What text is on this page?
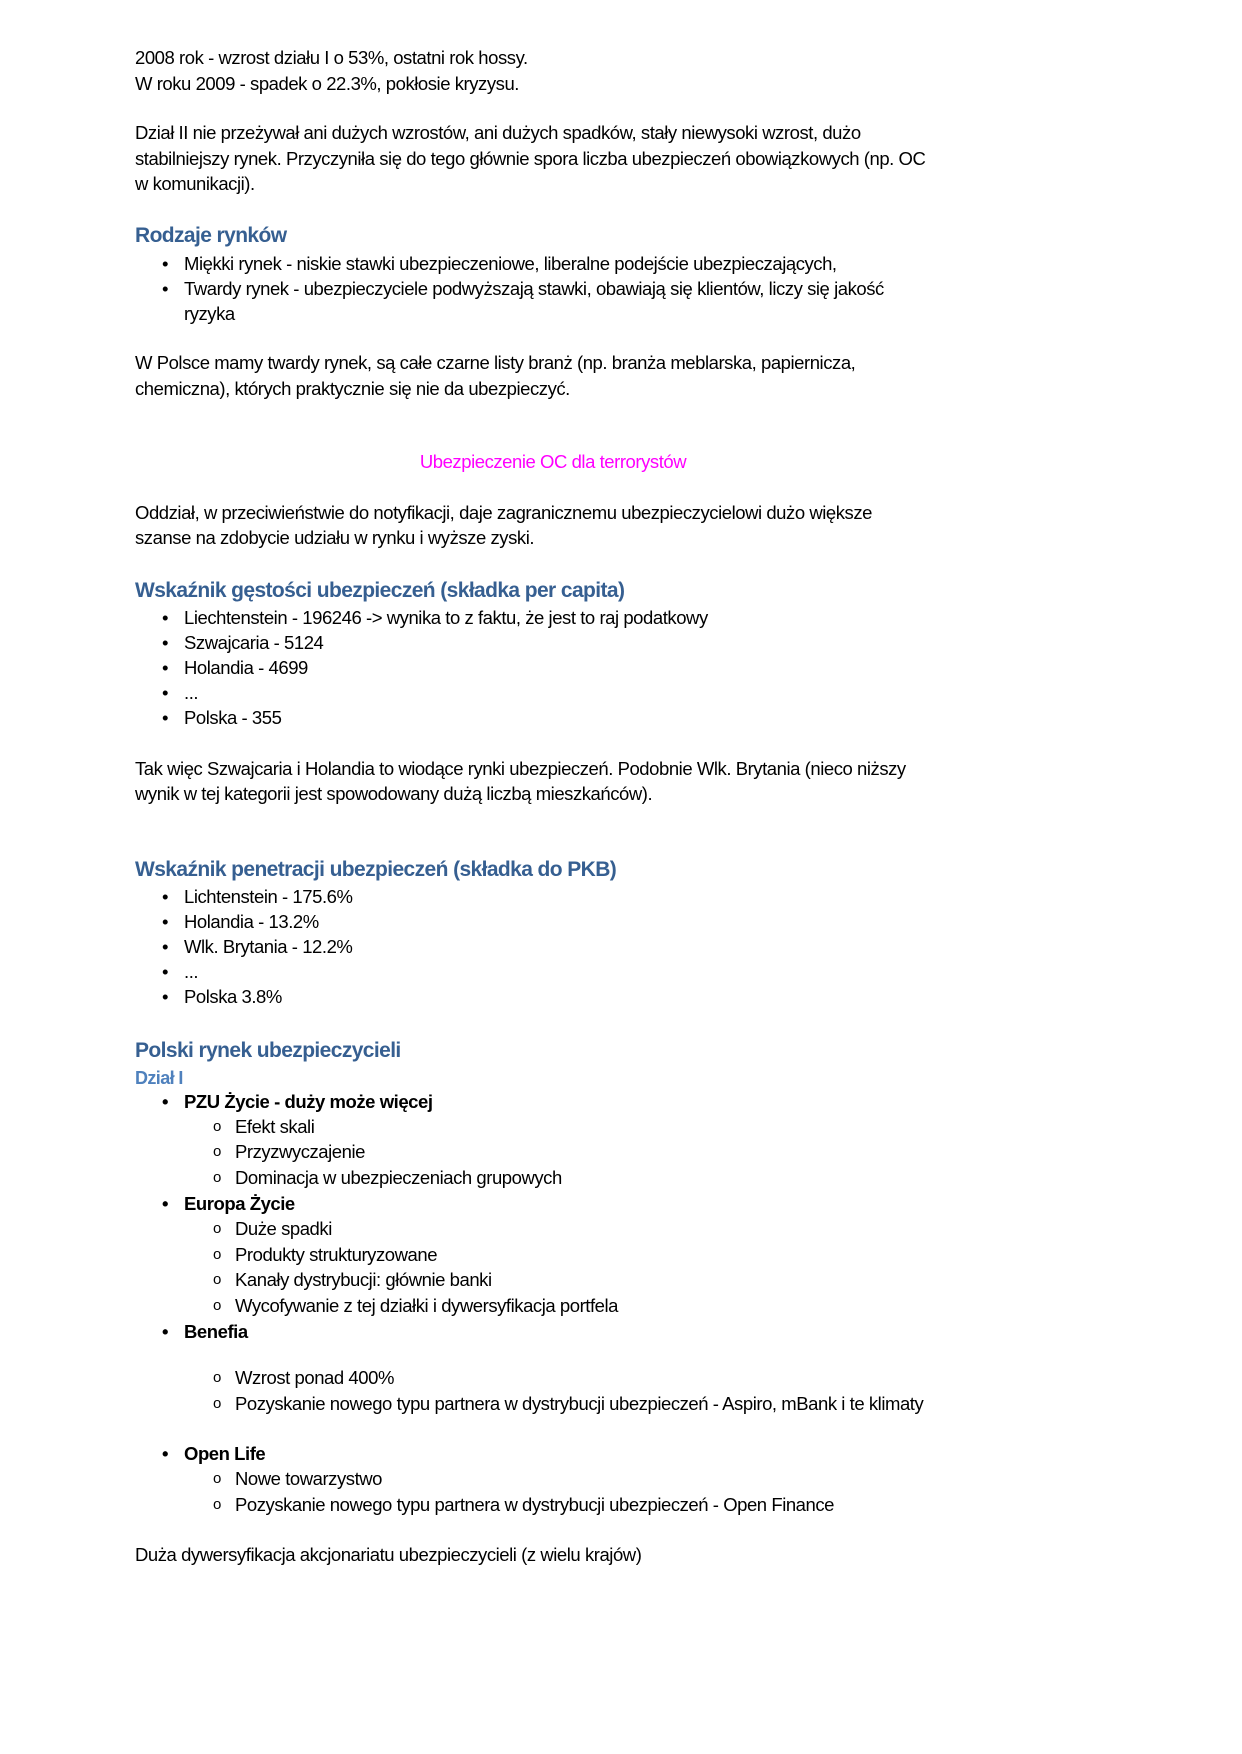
2008 rok - wzrost działu I o 53%, ostatni rok hossy.
W roku 2009 - spadek o 22.3%, pokłosie kryzysu.
Dział II nie przeżywał ani dużych wzrostów, ani dużych spadków, stały niewysoki wzrost, dużo
stabilniejszy rynek. Przyczyniła się do tego głównie spora liczba ubezpieczeń obowiązkowych (np. OC
w komunikacji).
Rodzaje rynków
• Miękki rynek - niskie stawki ubezpieczeniowe, liberalne podejście ubezpieczających,
• Twardy rynek - ubezpieczyciele podwyższają stawki, obawiają się klientów, liczy się jakość
ryzyka
W Polsce mamy twardy rynek, są całe czarne listy branż (np. branża meblarska, papiernicza,
chemiczna), których praktycznie się nie da ubezpieczyć.
Ubezpieczenie OC dla terrorystów
Oddział, w przeciwieństwie do notyfikacji, daje zagranicznemu ubezpieczycielowi dużo większe
szanse na zdobycie udziału w rynku i wyższe zyski.
Wskaźnik gęstości ubezpieczeń (składka per capita)
• Liechtenstein - 196246 -> wynika to z faktu, że jest to raj podatkowy
• Szwajcaria - 5124
• Holandia - 4699
• ...
• Polska - 355
Tak więc Szwajcaria i Holandia to wiodące rynki ubezpieczeń. Podobnie Wlk. Brytania (nieco niższy
wynik w tej kategorii jest spowodowany dużą liczbą mieszkańców).
Wskaźnik penetracji ubezpieczeń (składka do PKB)
• Lichtenstein - 175.6%
• Holandia - 13.2%
• Wlk. Brytania - 12.2%
• ...
• Polska 3.8%
Polski rynek ubezpieczycieli
Dział I
• PZU Życie - duży może więcej
o Efekt skali
o Przyzwyczajenie
o Dominacja w ubezpieczeniach grupowych
• Europa Życie
o Duże spadki
o Produkty strukturyzowane
o Kanały dystrybucji: głównie banki
o Wycofywanie z tej działki i dywersyfikacja portfela
• Benefia
o Wzrost ponad 400%
o Pozyskanie nowego typu partnera w dystrybucji ubezpieczeń - Aspiro, mBank i te klimaty
• Open Life
o Nowe towarzystwo
o Pozyskanie nowego typu partnera w dystrybucji ubezpieczeń - Open Finance
Duża dywersyfikacja akcjonariatu ubezpieczycieli (z wielu krajów)
